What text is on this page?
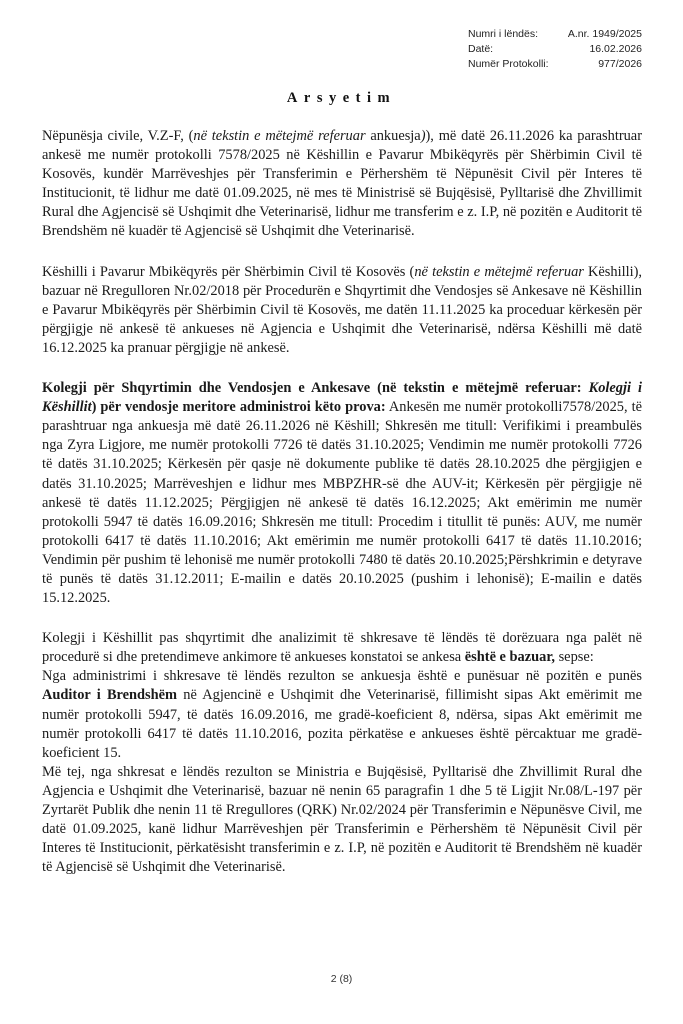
Numri i lëndës:	A.nr. 1949/2025
Datë:	16.02.2026
Numër Protokolli:	977/2026
Arsyetim

Nëpunësja civile, V.Z-F, (në tekstin e mëtejmë referuar ankuesja)), më datë 26.11.2026 ka parashtruar ankesë me numër protokolli 7578/2025 në Këshillin e Pavarur Mbikëqyrës për Shërbimin Civil të Kosovës, kundër Marrëveshjes për Transferimin e Përhershëm të Nëpunësit Civil për Interes të Institucionit, të lidhur me datë 01.09.2025, në mes të Ministrisë së Bujqësisë, Pylltarisë dhe Zhvillimit Rural dhe Agjencisë së Ushqimit dhe Veterinarisë, lidhur me transferim e z. I.P, në pozitën e Auditorit të Brendshëm në kuadër të Agjencisë së Ushqimit dhe Veterinarisë.

Këshilli i Pavarur Mbikëqyrës për Shërbimin Civil të Kosovës (në tekstin e mëtejmë referuar Këshilli), bazuar në Rregulloren Nr.02/2018 për Procedurën e Shqyrtimit dhe Vendosjes së Ankesave në Këshillin e Pavarur Mbikëqyrës për Shërbimin Civil të Kosovës, me datën 11.11.2025 ka proceduar kërkesën për përgjigje në ankesë të ankueses në Agjencia e Ushqimit dhe Veterinarisë, ndërsa Këshilli më datë 16.12.2025 ka pranuar përgjigje në ankesë.

Kolegji për Shqyrtimin dhe Vendosjen e Ankesave (në tekstin e mëtejmë referuar: Kolegji i Këshillit) për vendosje meritore administroi këto prova: Ankesën me numër protokolli7578/2025, të parashtruar nga ankuesja më datë 26.11.2026 në Këshill; Shkresën me titull: Verifikimi i preambulës nga Zyra Ligjore, me numër protokolli 7726 të datës 31.10.2025; Vendimin me numër protokolli 7726 të datës 31.10.2025; Kërkesën për qasje në dokumente publike të datës 28.10.2025 dhe përgjigjen e datës 31.10.2025; Marrëveshjen e lidhur mes MBPZHR-së dhe AUV-it; Kërkesën për përgjigje në ankesë të datës 11.12.2025; Përgjigjen në ankesë të datës 16.12.2025; Akt emërimin me numër protokolli 5947 të datës 16.09.2016; Shkresën me titull: Procedim i titullit të punës: AUV, me numër protokolli 6417 të datës 11.10.2016; Akt emërimin me numër protokolli 6417 të datës 11.10.2016; Vendimin për pushim të lehonisë me numër protokolli 7480 të datës 20.10.2025;Përshkrimin e detyrave të punës të datës 31.12.2011; E-mailin e datës 20.10.2025 (pushim i lehonisë); E-mailin e datës 15.12.2025.

Kolegji i Këshillit pas shqyrtimit dhe analizimit të shkresave të lëndës të dorëzuara nga palët në procedurë si dhe pretendimeve ankimore të ankueses konstatoi se ankesa është e bazuar, sepse:

Nga administrimi i shkresave të lëndës rezulton se ankuesja është e punësuar në pozitën e punës Auditor i Brendshëm në Agjencinë e Ushqimit dhe Veterinarisë, fillimisht sipas Akt emërimit me numër protokolli 5947, të datës 16.09.2016, me gradë-koeficient 8, ndërsa, sipas Akt emërimit me numër protokolli 6417 të datës 11.10.2016, pozita përkatëse e ankueses është përcaktuar me gradë-koeficient 15.

Më tej, nga shkresat e lëndës rezulton se Ministria e Bujqësisë, Pylltarisë dhe Zhvillimit Rural dhe Agjencia e Ushqimit dhe Veterinarisë, bazuar në nenin 65 paragrafin 1 dhe 5 të Ligjit Nr.08/L-197 për Zyrtarët Publik dhe nenin 11 të Rregullores (QRK) Nr.02/2024 për Transferimin e Nëpunësve Civil, me datë 01.09.2025, kanë lidhur Marrëveshjen për Transferimin e Përhershëm të Nëpunësit Civil për Interes të Institucionit, përkatësisht transferimin e z. I.P, në pozitën e Auditorit të Brendshëm në kuadër të Agjencisë së Ushqimit dhe Veterinarisë.

2 (8)
